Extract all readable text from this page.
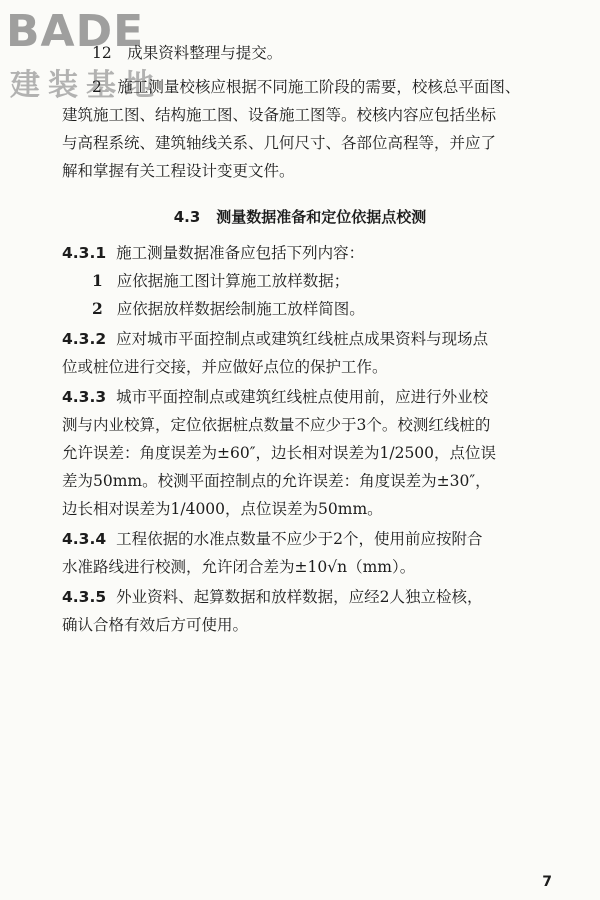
BADE
建装基地
12　成果资料整理与提交。
2　施工测量校核应根据不同施工阶段的需要，校核总平面图、
建筑施工图、结构施工图、设备施工图等。校核内容应包括坐标
与高程系统、建筑轴线关系、几何尺寸、各部位高程等，并应了
解和掌握有关工程设计变更文件。
4.3 测量数据准备和定位依据点校测
4.3.1 施工测量数据准备应包括下列内容：
1 应依据施工图计算施工放样数据；
2 应依据放样数据绘制施工放样简图。
4.3.2 应对城市平面控制点或建筑红线桩点成果资料与现场点
位或桩位进行交接，并应做好点位的保护工作。
4.3.3 城市平面控制点或建筑红线桩点使用前，应进行外业校
测与内业校算，定位依据桩点数量不应少于3个。校测红线桩的
允许误差：角度误差为±60″，边长相对误差为1/2500，点位误
差为50mm。校测平面控制点的允许误差：角度误差为±30″，
边长相对误差为1/4000，点位误差为50mm。
4.3.4 工程依据的水准点数量不应少于2个，使用前应按附合
水准路线进行校测，允许闭合差为±10√n（mm）。
4.3.5 外业资料、起算数据和放样数据，应经2人独立检核，
确认合格有效后方可使用。
7
